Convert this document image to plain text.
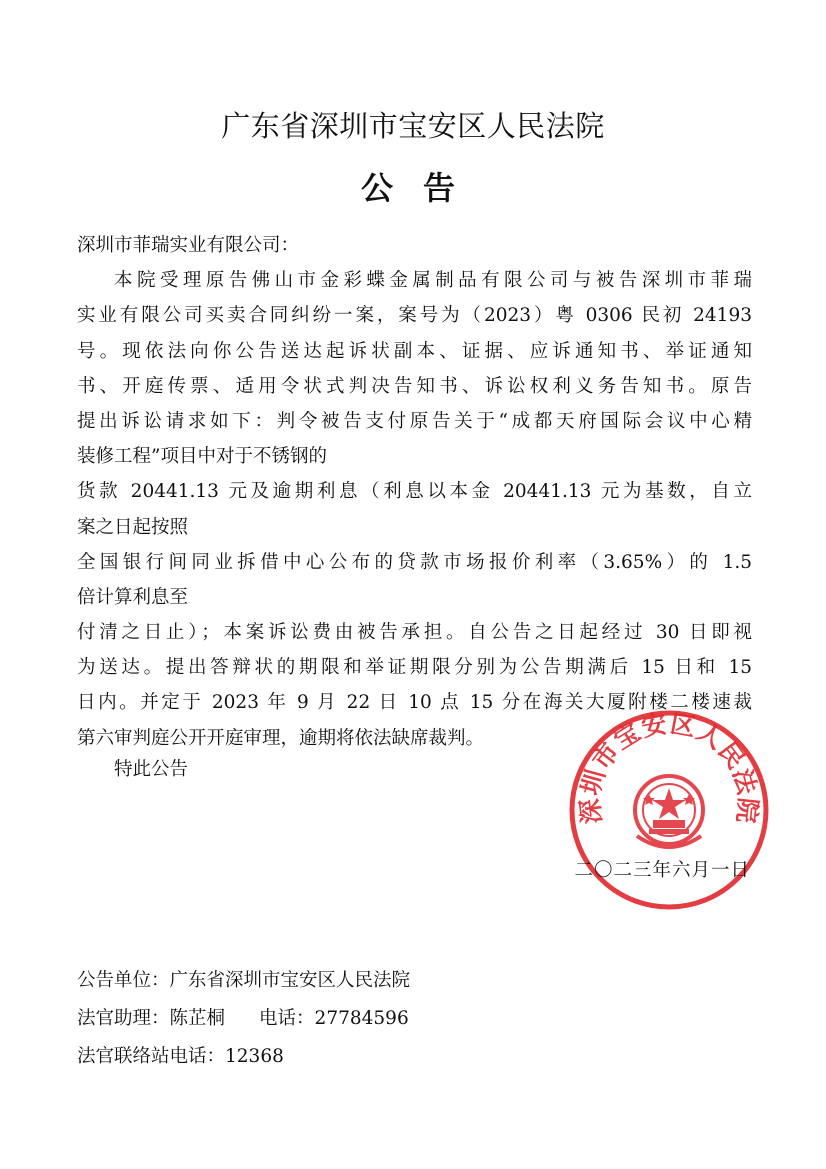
广东省深圳市宝安区人民法院
公告
深圳市菲瑞实业有限公司：
本院受理原告佛山市金彩蝶金属制品有限公司与被告深圳市菲瑞
实业有限公司买卖合同纠纷一案，案号为（2023）粤 0306 民初 24193
号。现依法向你公告送达起诉状副本、证据、应诉通知书、举证通知
书、开庭传票、适用令状式判决告知书、诉讼权利义务告知书。原告
提出诉讼请求如下：判令被告支付原告关于“成都天府国际会议中心精
装修工程”项目中对于不锈钢的
货款 20441.13 元及逾期利息（利息以本金 20441.13 元为基数，自立
案之日起按照
全国银行间同业拆借中心公布的贷款市场报价利率（3.65%）的 1.5
倍计算利息至
付清之日止）；本案诉讼费由被告承担。自公告之日起经过 30 日即视
为送达。提出答辩状的期限和举证期限分别为公告期满后 15 日和 15
日内。并定于 2023 年 9 月 22 日 10 点 15 分在海关大厦附楼二楼速裁
第六审判庭公开开庭审理，逾期将依法缺席裁判。
特此公告
深圳市宝安区人民法院
二〇二三年六月一日
公告单位：广东省深圳市宝安区人民法院
法官助理：陈芷桐 电话：27784596
法官联络站电话：12368
